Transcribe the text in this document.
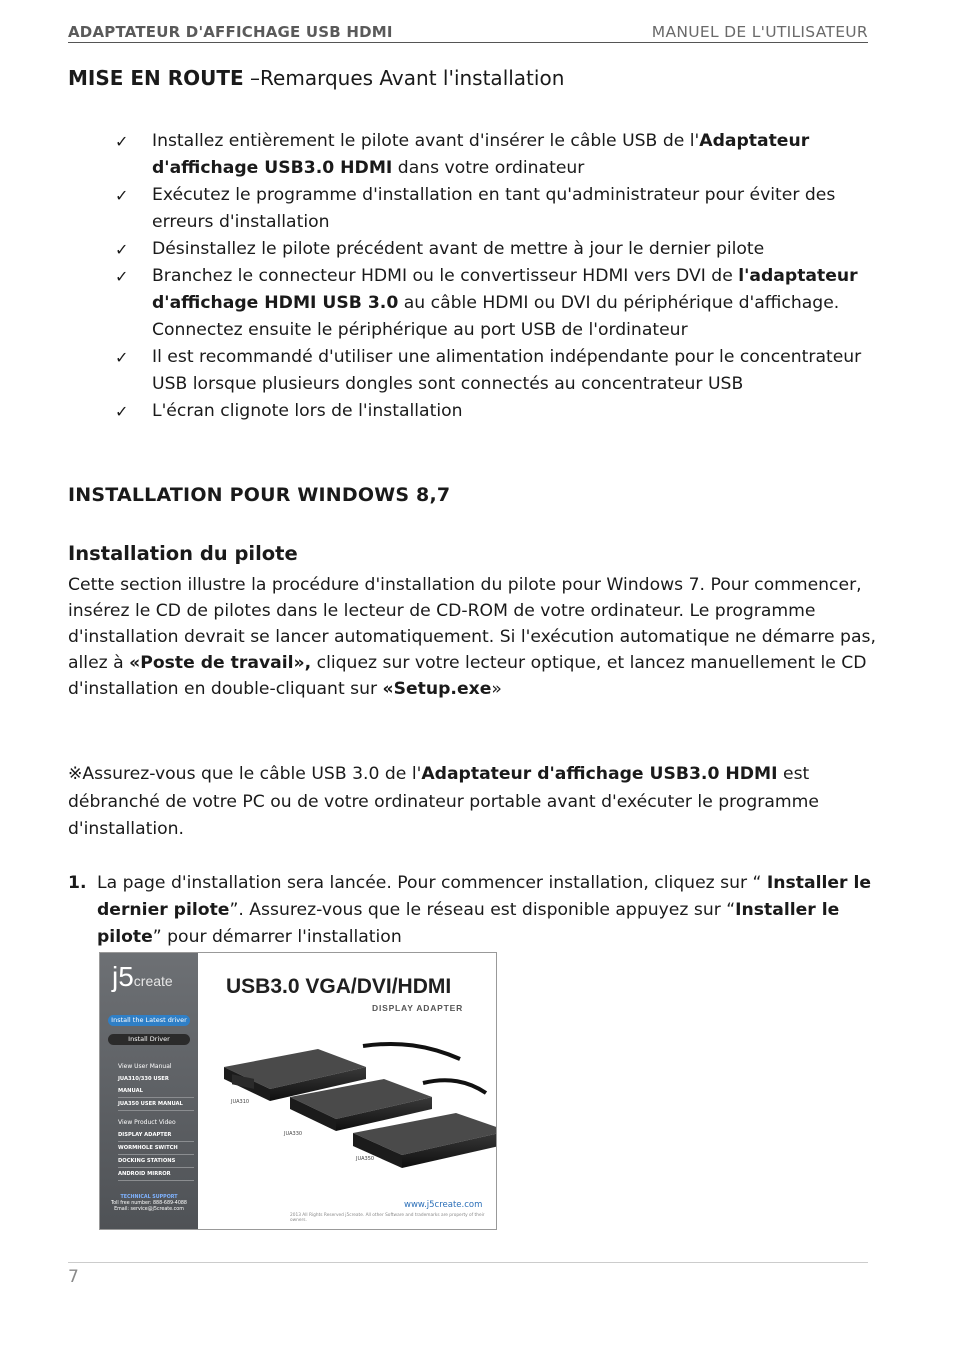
ADAPTATEUR D'AFFICHAGE USB HDMI	MANUEL DE L'UTILISATEUR
MISE EN ROUTE –Remarques Avant l'installation
✓ Installez entièrement le pilote avant d'insérer le câble USB de l'Adaptateur d'affichage USB3.0 HDMI dans votre ordinateur
✓ Exécutez le programme d'installation en tant qu'administrateur pour éviter des erreurs d'installation
✓ Désinstallez le pilote précédent avant de mettre à jour le dernier pilote
✓ Branchez le connecteur HDMI ou le convertisseur HDMI vers DVI de l'adaptateur d'affichage HDMI USB 3.0 au câble HDMI ou DVI du périphérique d'affichage. Connectez ensuite le périphérique au port USB de l'ordinateur
✓ Il est recommandé d'utiliser une alimentation indépendante pour le concentrateur USB lorsque plusieurs dongles sont connectés au concentrateur USB
✓ L'écran clignote lors de l'installation
INSTALLATION POUR WINDOWS 8,7
Installation du pilote

Cette section illustre la procédure d'installation du pilote pour Windows 7. Pour commencer, insérez le CD de pilotes dans le lecteur de CD-ROM de votre ordinateur. Le programme d'installation devrait se lancer automatiquement. Si l'exécution automatique ne démarre pas, allez à «Poste de travail», cliquez sur votre lecteur optique, et lancez manuellement le CD d'installation en double-cliquant sur «Setup.exe»

※Assurez-vous que le câble USB 3.0 de l'Adaptateur d'affichage USB3.0 HDMI est débranché de votre PC ou de votre ordinateur portable avant d'exécuter le programme d'installation.

1. La page d'installation sera lancée. Pour commencer installation, cliquez sur “ Installer le dernier pilote”. Assurez-vous que le réseau est disponible appuyez sur “Installer le pilote” pour démarrer l'installation
j5create
Install the Latest driver
Install Driver
View User Manual
JUA310/330 USER MANUAL
JUA350 USER MANUAL
View Product Video
DISPLAY ADAPTER
WORMHOLE SWITCH
DOCKING STATIONS
ANDROID MIRROR
TECHNICAL SUPPORT
Toll free number: 888-689-4088
Email: service@j5create.com
USB3.0 VGA/DVI/HDMI
DISPLAY ADAPTER
JUA310
JUA330
JUA350
www.j5create.com
2013 All Rights Reserved j5create. All other Software and trademarks are property of their owners.
7
